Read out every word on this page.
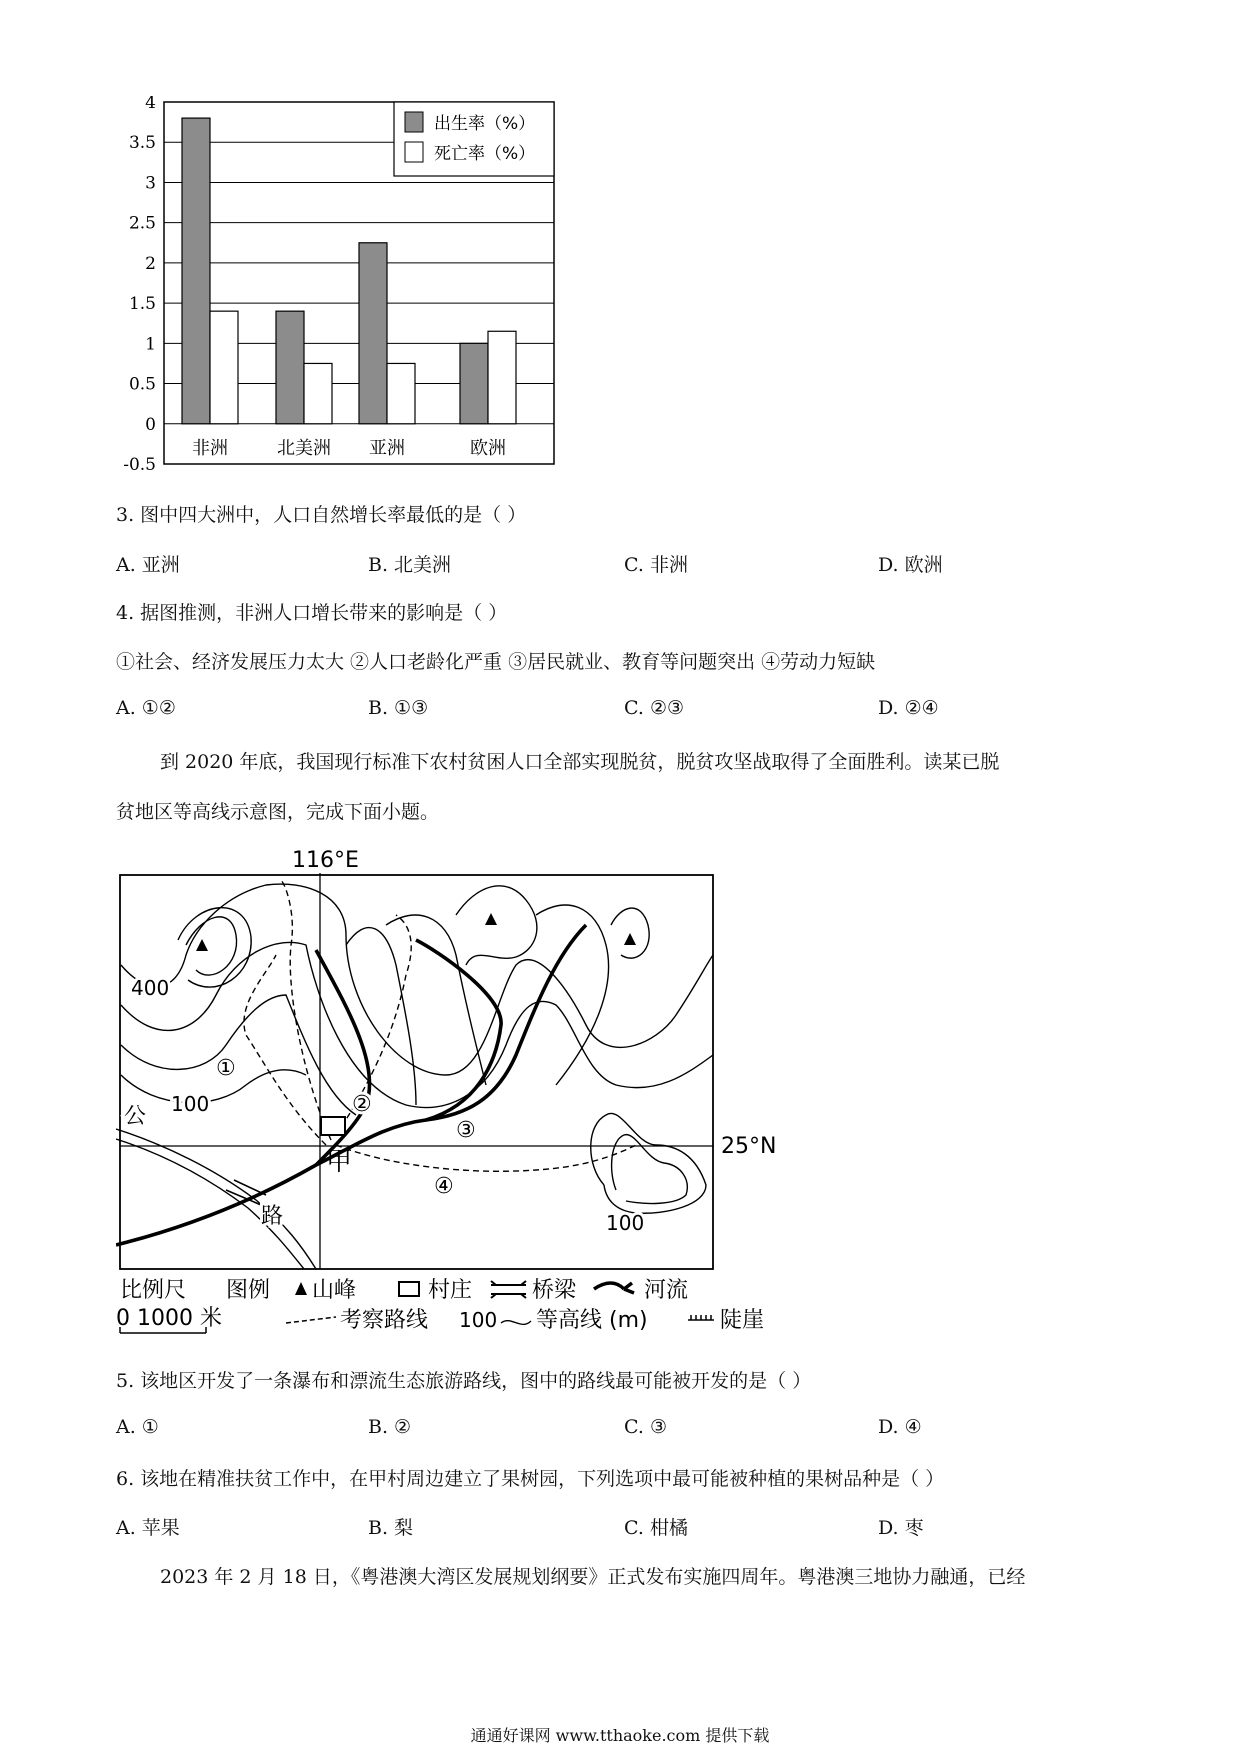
4
3.5
3
2.5
2
1.5
1
0.5
0
-0.5
非洲	北美洲 亚洲	欧洲
出生率（%）
死亡率（%）
3. 图中四大洲中，人口自然增长率最低的是（ ）
A. 亚洲	B. 北美洲	C. 非洲	D. 欧洲
4. 据图推测，非洲人口增长带来的影响是（ ）
①社会、经济发展压力太大 ②人口老龄化严重 ③居民就业、教育等问题突出 ④劳动力短缺
A. ①②	B. ①③	C. ②③	D. ②④
到 2020 年底，我国现行标准下农村贫困人口全部实现脱贫，脱贫攻坚战取得了全面胜利。读某已脱
贫地区等高线示意图，完成下面小题。
116°E
25°N
甲
400
100
100
①
②
③
④
公
路
比例尺 图例 山峰	村庄	桥梁	河流
0 1000 米	考察路线 100 等高线 (m)	陡崖
5. 该地区开发了一条瀑布和漂流生态旅游路线，图中的路线最可能被开发的是（ ）
A. ①	B. ②	C. ③	D. ④
6. 该地在精准扶贫工作中，在甲村周边建立了果树园，下列选项中最可能被种植的果树品种是（ ）
A. 苹果	B. 梨	C. 柑橘	D. 枣
2023 年 2 月 18 日，《粤港澳大湾区发展规划纲要》正式发布实施四周年。粤港澳三地协力融通，已经
通通好课网 www.tthaoke.com 提供下载
